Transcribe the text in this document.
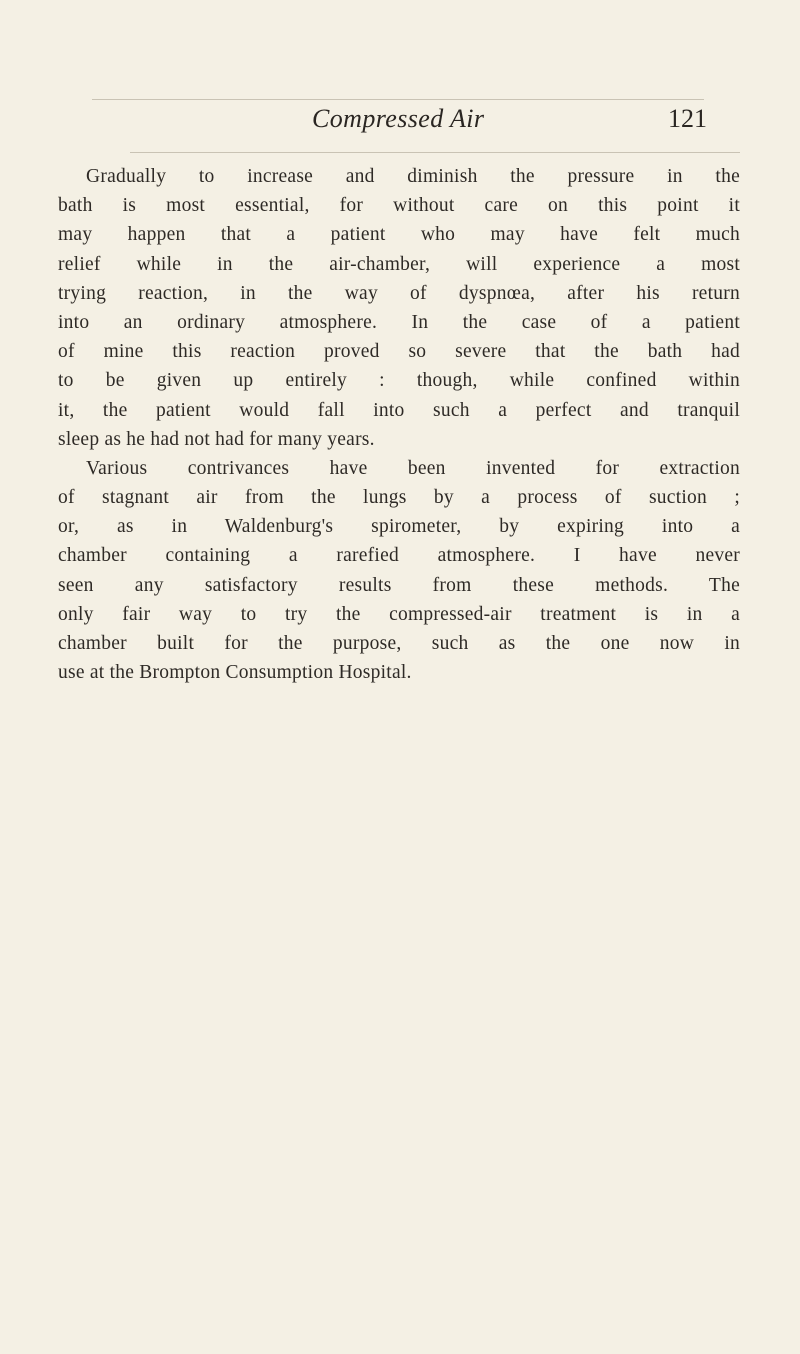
Compressed Air	121
Gradually to increase and diminish the pressure in the
bath is most essential, for without care on this point it
may happen that a patient who may have felt much
relief while in the air-chamber, will experience a most
trying reaction, in the way of dyspnœa, after his return
into an ordinary atmosphere. In the case of a patient
of mine this reaction proved so severe that the bath had
to be given up entirely : though, while confined within
it, the patient would fall into such a perfect and tranquil
sleep as he had not had for many years.
Various contrivances have been invented for extraction
of stagnant air from the lungs by a process of suction ;
or, as in Waldenburg's spirometer, by expiring into a
chamber containing a rarefied atmosphere. I have never
seen any satisfactory results from these methods. The
only fair way to try the compressed-air treatment is in a
chamber built for the purpose, such as the one now in
use at the Brompton Consumption Hospital.
